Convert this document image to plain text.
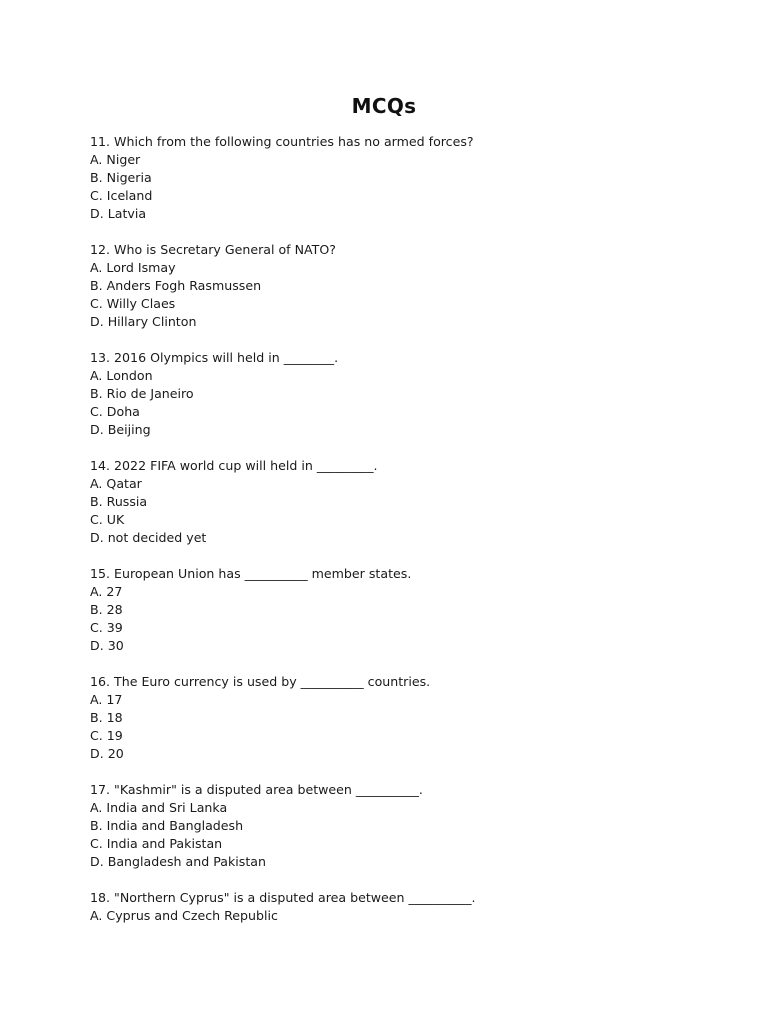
MCQs
11. Which from the following countries has no armed forces?
A. Niger
B. Nigeria
C. Iceland
D. Latvia
12. Who is Secretary General of NATO?
A. Lord Ismay
B. Anders Fogh Rasmussen
C. Willy Claes
D. Hillary Clinton
13. 2016 Olympics will held in ________.
A. London
B. Rio de Janeiro
C. Doha
D. Beijing
14. 2022 FIFA world cup will held in _________.
A. Qatar
B. Russia
C. UK
D. not decided yet
15. European Union has __________ member states.
A. 27
B. 28
C. 39
D. 30
16. The Euro currency is used by __________ countries.
A. 17
B. 18
C. 19
D. 20
17. "Kashmir" is a disputed area between __________.
A. India and Sri Lanka
B. India and Bangladesh
C. India and Pakistan
D. Bangladesh and Pakistan
18. "Northern Cyprus" is a disputed area between __________.
A. Cyprus and Czech Republic
